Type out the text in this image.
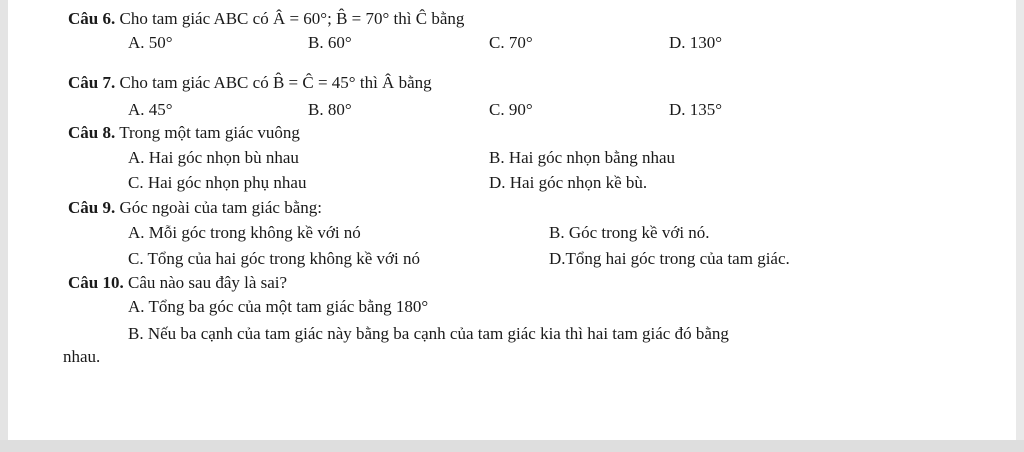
Câu 6. Cho tam giác ABC có Â = 60°; B̂ = 70° thì Ĉ bằng
A. 50°	B. 60°	C. 70°	D. 130°
Câu 7. Cho tam giác ABC có B̂ = Ĉ = 45° thì Â bằng
A. 45°	B. 80°	C. 90°	D. 135°
Câu 8. Trong một tam giác vuông
A. Hai góc nhọn bù nhau	B. Hai góc nhọn bằng nhau
C. Hai góc nhọn phụ nhau	D. Hai góc nhọn kề bù.
Câu 9. Góc ngoài của tam giác bằng:
A. Mỗi góc trong không kề với nó	B. Góc trong kề với nó.
C. Tổng của hai góc trong không kề với nó	D.Tổng hai góc trong của tam giác.
Câu 10. Câu nào sau đây là sai?
A. Tổng ba góc của một tam giác bằng 180°
B. Nếu ba cạnh của tam giác này bằng ba cạnh của tam giác kia thì hai tam giác đó bằng
nhau.
